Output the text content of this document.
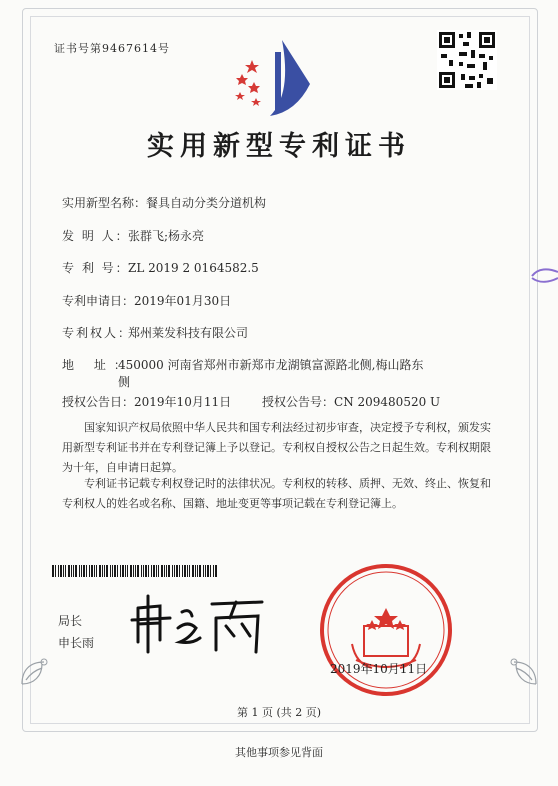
证书号第9467614号
实用新型专利证书
实用新型名称：餐具自动分类分道机构
发 明 人：张群飞;杨永亮
专 利 号：ZL 2019 2 0164582.5
专利申请日：2019年01月30日
专利权人：郑州莱发科技有限公司
地 址：450000 河南省郑州市新郑市龙湖镇富源路北侧,梅山路东
侧
授权公告日：2019年10月11日	授权公告号：CN 209480520 U
国家知识产权局依照中华人民共和国专利法经过初步审查，决定授予专利权，颁发实用新型专利证书并在专利登记簿上予以登记。专利权自授权公告之日起生效。专利权期限为十年，自申请日起算。
专利证书记载专利权登记时的法律状况。专利权的转移、质押、无效、终止、恢复和专利权人的姓名或名称、国籍、地址变更等事项记载在专利登记簿上。
局长
申长雨
2019年10月11日
第 1 页 (共 2 页)
其他事项参见背面
